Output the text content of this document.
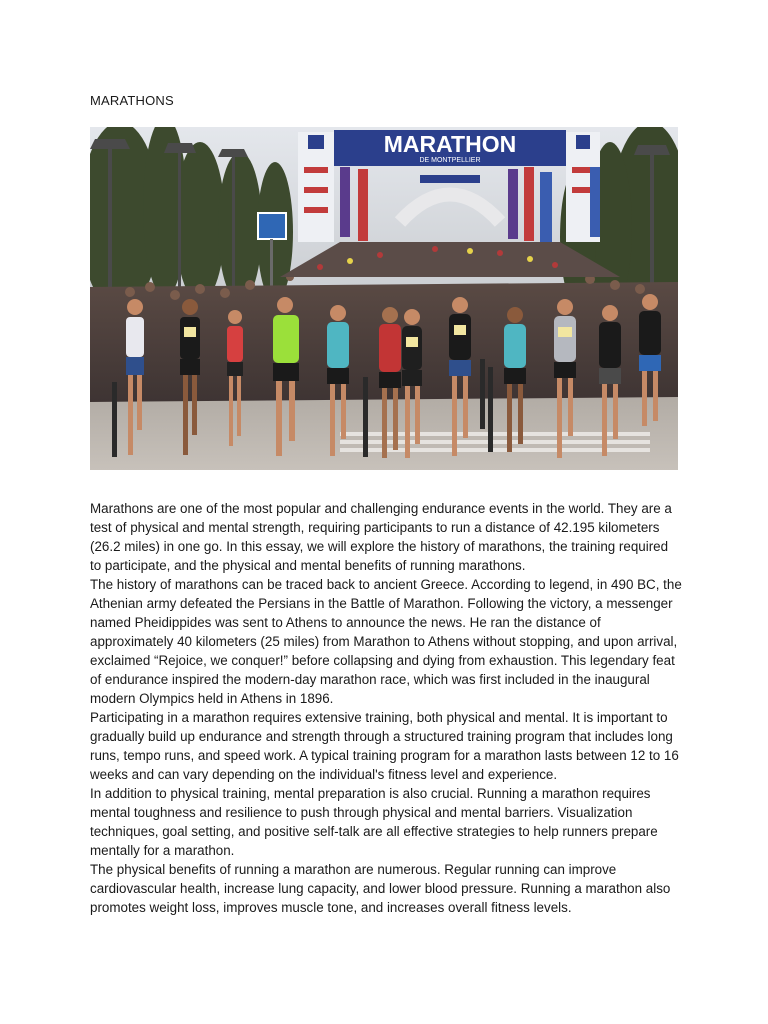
MARATHONS
MARATHON
DE MONTPELLIER

Marathons are one of the most popular and challenging endurance events in the world. They are a test of physical and mental strength, requiring participants to run a distance of 42.195 kilometers (26.2 miles) in one go. In this essay, we will explore the history of marathons, the training required to participate, and the physical and mental benefits of running marathons.

The history of marathons can be traced back to ancient Greece. According to legend, in 490 BC, the Athenian army defeated the Persians in the Battle of Marathon. Following the victory, a messenger named Pheidippides was sent to Athens to announce the news. He ran the distance of approximately 40 kilometers (25 miles) from Marathon to Athens without stopping, and upon arrival, exclaimed “Rejoice, we conquer!” before collapsing and dying from exhaustion. This legendary feat of endurance inspired the modern-day marathon race, which was first included in the inaugural modern Olympics held in Athens in 1896.

Participating in a marathon requires extensive training, both physical and mental. It is important to gradually build up endurance and strength through a structured training program that includes long runs, tempo runs, and speed work. A typical training program for a marathon lasts between 12 to 16 weeks and can vary depending on the individual's fitness level and experience.

In addition to physical training, mental preparation is also crucial. Running a marathon requires mental toughness and resilience to push through physical and mental barriers. Visualization techniques, goal setting, and positive self-talk are all effective strategies to help runners prepare mentally for a marathon.

The physical benefits of running a marathon are numerous. Regular running can improve cardiovascular health, increase lung capacity, and lower blood pressure. Running a marathon also promotes weight loss, improves muscle tone, and increases overall fitness levels.
